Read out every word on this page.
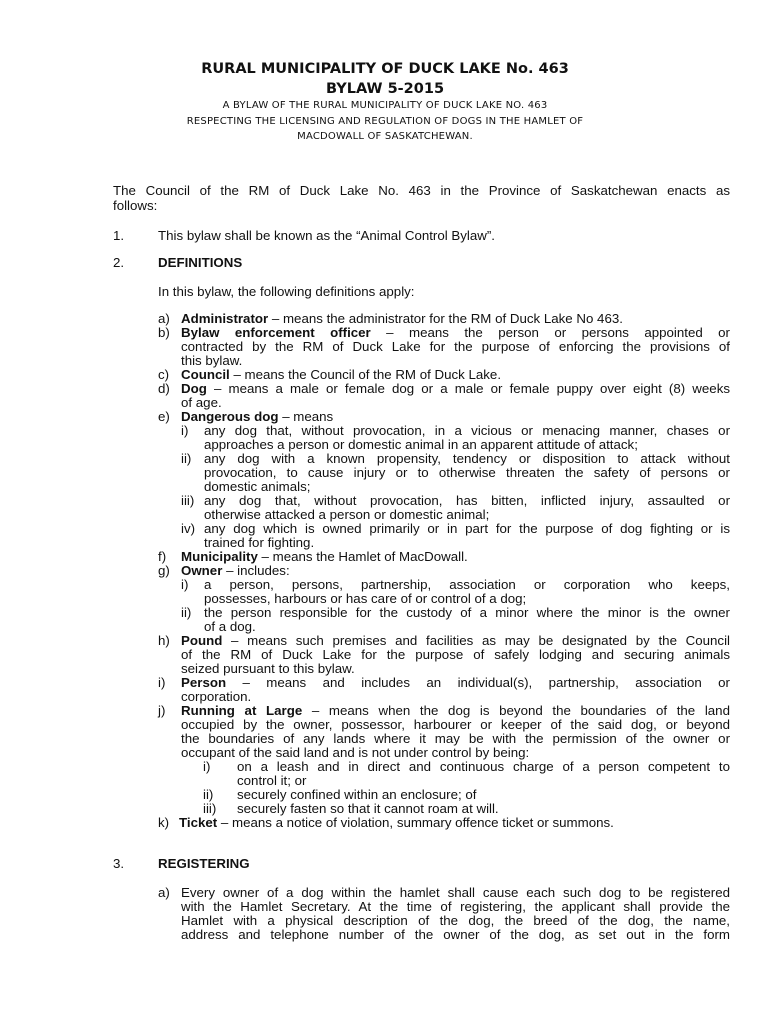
RURAL MUNICIPALITY OF DUCK LAKE No. 463
BYLAW 5-2015
A BYLAW OF THE RURAL MUNICIPALITY OF DUCK LAKE NO. 463
RESPECTING THE LICENSING AND REGULATION OF DOGS IN THE HAMLET OF
MACDOWALL OF SASKATCHEWAN.
The Council of the RM of Duck Lake No. 463 in the Province of Saskatchewan enacts as
follows:
1.	This bylaw shall be known as the “Animal Control Bylaw”.
2.	DEFINITIONS
In this bylaw, the following definitions apply:
a) Administrator – means the administrator for the RM of Duck Lake No 463.
b) Bylaw enforcement officer – means the person or persons appointed or
contracted by the RM of Duck Lake for the purpose of enforcing the provisions of
this bylaw.
c) Council – means the Council of the RM of Duck Lake.
d) Dog – means a male or female dog or a male or female puppy over eight (8) weeks
of age.
e) Dangerous dog – means
i) any dog that, without provocation, in a vicious or menacing manner, chases or
approaches a person or domestic animal in an apparent attitude of attack;
ii) any dog with a known propensity, tendency or disposition to attack without
provocation, to cause injury or to otherwise threaten the safety of persons or
domestic animals;
iii) any dog that, without provocation, has bitten, inflicted injury, assaulted or
otherwise attacked a person or domestic animal;
iv) any dog which is owned primarily or in part for the purpose of dog fighting or is
trained for fighting.
f) Municipality – means the Hamlet of MacDowall.
g) Owner – includes:
i) a person, persons, partnership, association or corporation who keeps,
possesses, harbours or has care of or control of a dog;
ii) the person responsible for the custody of a minor where the minor is the owner
of a dog.
h) Pound – means such premises and facilities as may be designated by the Council
of the RM of Duck Lake for the purpose of safely lodging and securing animals
seized pursuant to this bylaw.
i) Person – means and includes an individual(s), partnership, association or
corporation.
j) Running at Large – means when the dog is beyond the boundaries of the land
occupied by the owner, possessor, harbourer or keeper of the said dog, or beyond
the boundaries of any lands where it may be with the permission of the owner or
occupant of the said land and is not under control by being:
i) on a leash and in direct and continuous charge of a person competent to
control it; or
ii) securely confined within an enclosure; of
iii) securely fasten so that it cannot roam at will.
k) Ticket – means a notice of violation, summary offence ticket or summons.
3.	REGISTERING
a) Every owner of a dog within the hamlet shall cause each such dog to be registered
with the Hamlet Secretary. At the time of registering, the applicant shall provide the
Hamlet with a physical description of the dog, the breed of the dog, the name,
address and telephone number of the owner of the dog, as set out in the form
